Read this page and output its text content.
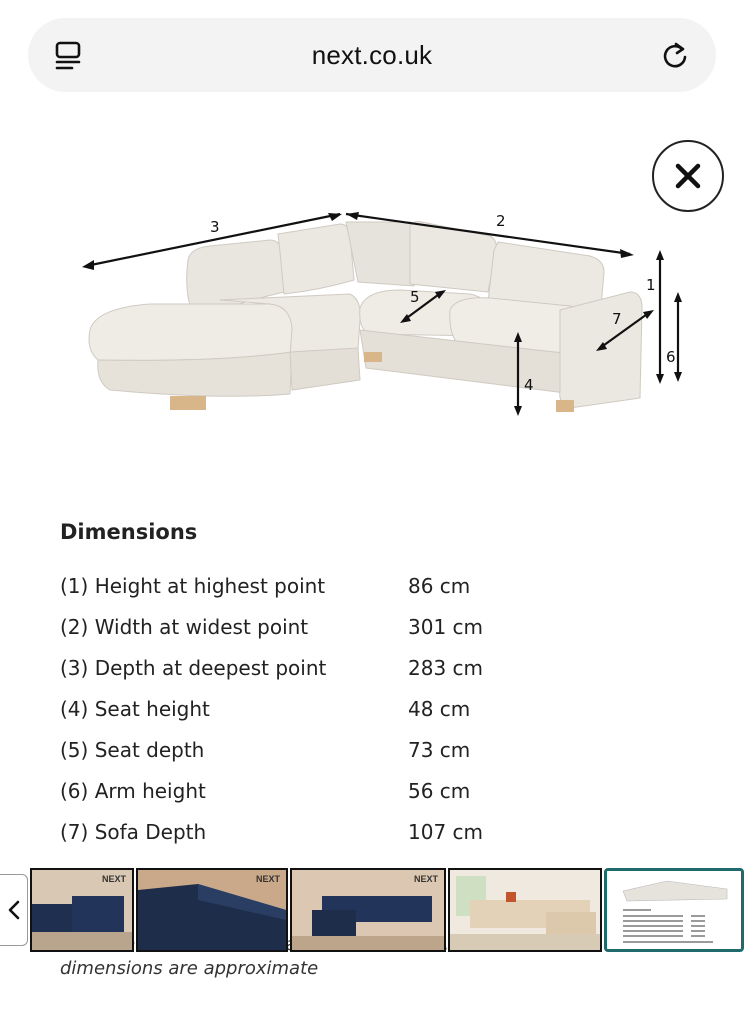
next.co.uk
3	2
1
5
4
6
7
Dimensions
(1) Height at highest point	86 cm
(2) Width at widest point	301 cm
(3) Depth at deepest point	283 cm
(4) Seat height	48 cm
(5) Seat depth	73 cm
(6) Arm height	56 cm
(7) Sofa Depth	107 cm
dimensions are approximate
NEXT	NEXT	NEXT
